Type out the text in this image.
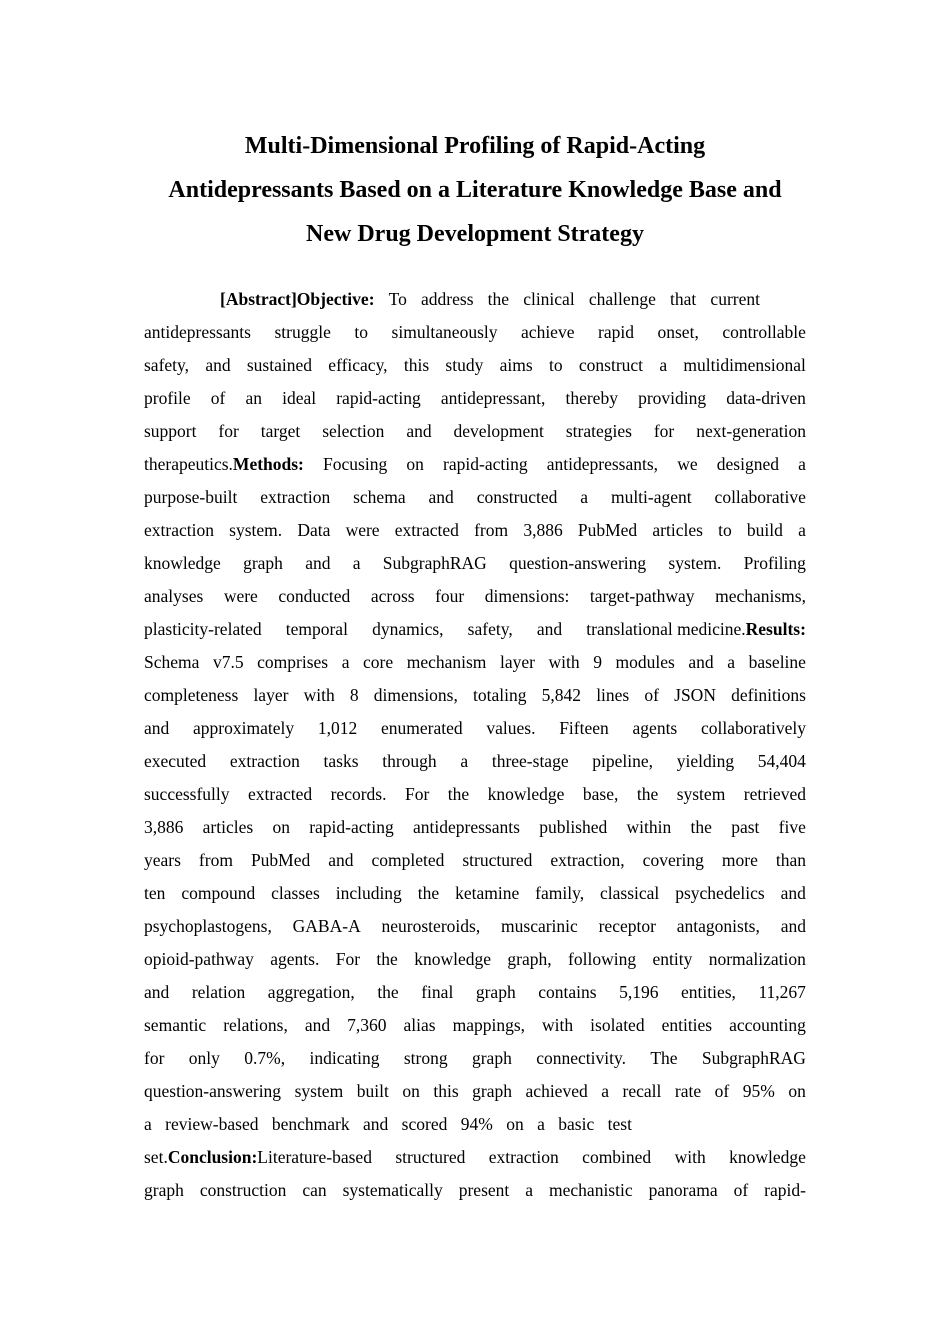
Multi-Dimensional Profiling of Rapid-Acting
Antidepressants Based on a Literature Knowledge Base and
New Drug Development Strategy
[Abstract]Objective: To address the clinical challenge that current
antidepressants struggle to simultaneously achieve rapid onset, controllable
safety, and sustained efficacy, this study aims to construct a multidimensional
profile of an ideal rapid-acting antidepressant, thereby providing data-driven
support for target selection and development strategies for next-generation
therapeutics.Methods: Focusing on rapid-acting antidepressants, we designed a
purpose-built extraction schema and constructed a multi-agent collaborative
extraction system. Data were extracted from 3,886 PubMed articles to build a
knowledge graph and a SubgraphRAG question-answering system. Profiling
analyses were conducted across four dimensions: target-pathway mechanisms,
plasticity-related temporal dynamics, safety, and translational medicine.Results:
Schema v7.5 comprises a core mechanism layer with 9 modules and a baseline
completeness layer with 8 dimensions, totaling 5,842 lines of JSON definitions
and approximately 1,012 enumerated values. Fifteen agents collaboratively
executed extraction tasks through a three-stage pipeline, yielding 54,404
successfully extracted records. For the knowledge base, the system retrieved
3,886 articles on rapid-acting antidepressants published within the past five
years from PubMed and completed structured extraction, covering more than
ten compound classes including the ketamine family, classical psychedelics and
psychoplastogens, GABA-A neurosteroids, muscarinic receptor antagonists, and
opioid-pathway agents. For the knowledge graph, following entity normalization
and relation aggregation, the final graph contains 5,196 entities, 11,267
semantic relations, and 7,360 alias mappings, with isolated entities accounting
for only 0.7%, indicating strong graph connectivity. The SubgraphRAG
question-answering system built on this graph achieved a recall rate of 95% on
a review-based benchmark and scored 94% on a basic test
set.Conclusion:Literature-based structured extraction combined with knowledge
graph construction can systematically present a mechanistic panorama of rapid-
